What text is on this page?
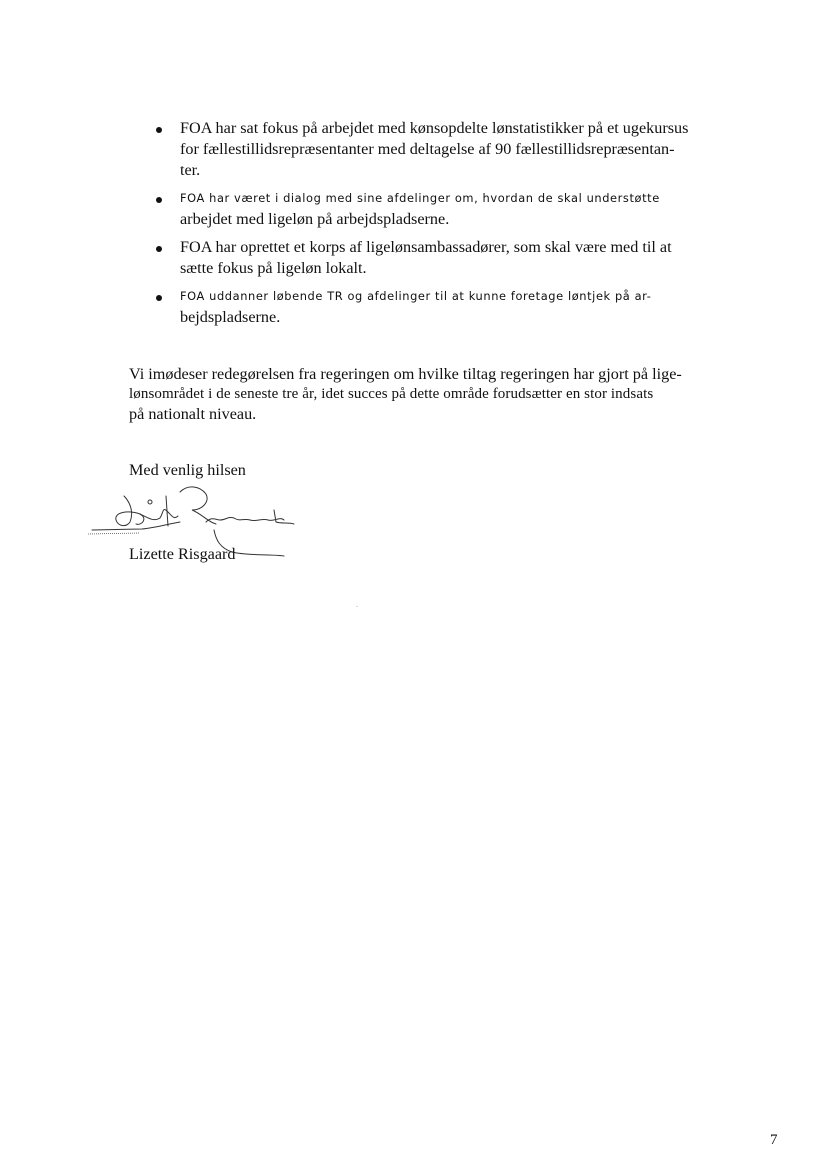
FOA har sat fokus på arbejdet med kønsopdelte lønstatistikker på et ugekursus
for fællestillidsrepræsentanter med deltagelse af 90 fællestillidsrepræsentan-
ter.
FOA har været i dialog med sine afdelinger om, hvordan de skal understøtte
arbejdet med ligeløn på arbejdspladserne.
FOA har oprettet et korps af ligelønsambassadører, som skal være med til at
sætte fokus på ligeløn lokalt.
FOA uddanner løbende TR og afdelinger til at kunne foretage løntjek på ar-
bejdspladserne.
Vi imødeser redegørelsen fra regeringen om hvilke tiltag regeringen har gjort på lige-
lønsområdet i de seneste tre år, idet succes på dette område forudsætter en stor indsats
på nationalt niveau.
Med venlig hilsen
Lizette Risgaard
7
